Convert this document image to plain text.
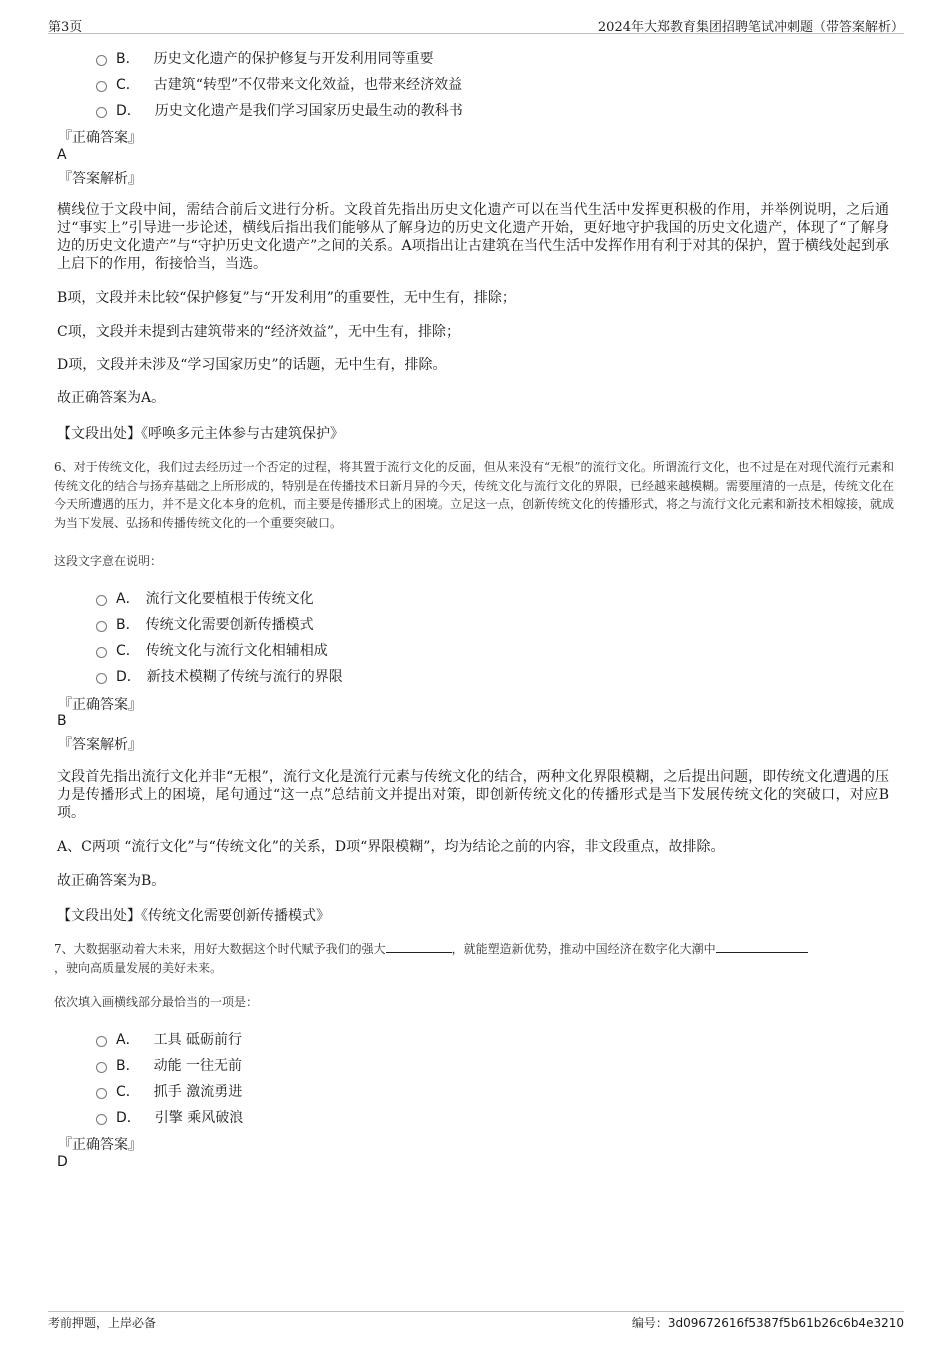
第3页	2024年大郑教育集团招聘笔试冲刺题（带答案解析）
B． 历史文化遗产的保护修复与开发利用同等重要
C． 古建筑“转型”不仅带来文化效益，也带来经济效益
D． 历史文化遗产是我们学习国家历史最生动的教科书
『正确答案』
A
『答案解析』

横线位于文段中间，需结合前后文进行分析。文段首先指出历史文化遗产可以在当代生活中发挥更积极的作用，并举例说明，之后通过“事实上”引导进一步论述，横线后指出我们能够从了解身边的历史文化遗产开始，更好地守护我国的历史文化遗产，体现了“了解身边的历史文化遗产”与“守护历史文化遗产”之间的关系。A项指出让古建筑在当代生活中发挥作用有利于对其的保护，置于横线处起到承上启下的作用，衔接恰当，当选。

B项，文段并未比较“保护修复”与“开发利用”的重要性，无中生有，排除；

C项，文段并未提到古建筑带来的“经济效益”，无中生有，排除；

D项，文段并未涉及“学习国家历史”的话题，无中生有，排除。

故正确答案为A。

【文段出处】《呼唤多元主体参与古建筑保护》

6、对于传统文化，我们过去经历过一个否定的过程，将其置于流行文化的反面，但从来没有“无根”的流行文化。所谓流行文化，也不过是在对现代流行元素和传统文化的结合与扬弃基础之上所形成的，特别是在传播技术日新月异的今天，传统文化与流行文化的界限，已经越来越模糊。需要厘清的一点是，传统文化在今天所遭遇的压力，并不是文化本身的危机，而主要是传播形式上的困境。立足这一点，创新传统文化的传播形式，将之与流行文化元素和新技术相嫁接，就成为当下发展、弘扬和传播传统文化的一个重要突破口。

这段文字意在说明：
A． 流行文化要植根于传统文化
B． 传统文化需要创新传播模式
C． 传统文化与流行文化相辅相成
D． 新技术模糊了传统与流行的界限
『正确答案』
B
『答案解析』

文段首先指出流行文化并非“无根”，流行文化是流行元素与传统文化的结合，两种文化界限模糊，之后提出问题，即传统文化遭遇的压力是传播形式上的困境，尾句通过“这一点”总结前文并提出对策，即创新传统文化的传播形式是当下发展传统文化的突破口，对应B项。

A、C两项 “流行文化”与“传统文化”的关系，D项“界限模糊”，均为结论之前的内容，非文段重点，故排除。

故正确答案为B。

【文段出处】《传统文化需要创新传播模式》

7、大数据驱动着大未来，用好大数据这个时代赋予我们的强大	，就能塑造新优势，推动中国经济在数字化大潮中
，驶向高质量发展的美好未来。

依次填入画横线部分最恰当的一项是：
A． 工具 砥砺前行
B． 动能 一往无前
C． 抓手 激流勇进
D． 引擎 乘风破浪
『正确答案』
D
考前押题，上岸必备	编号：3d09672616f5387f5b61b26c6b4e3210
